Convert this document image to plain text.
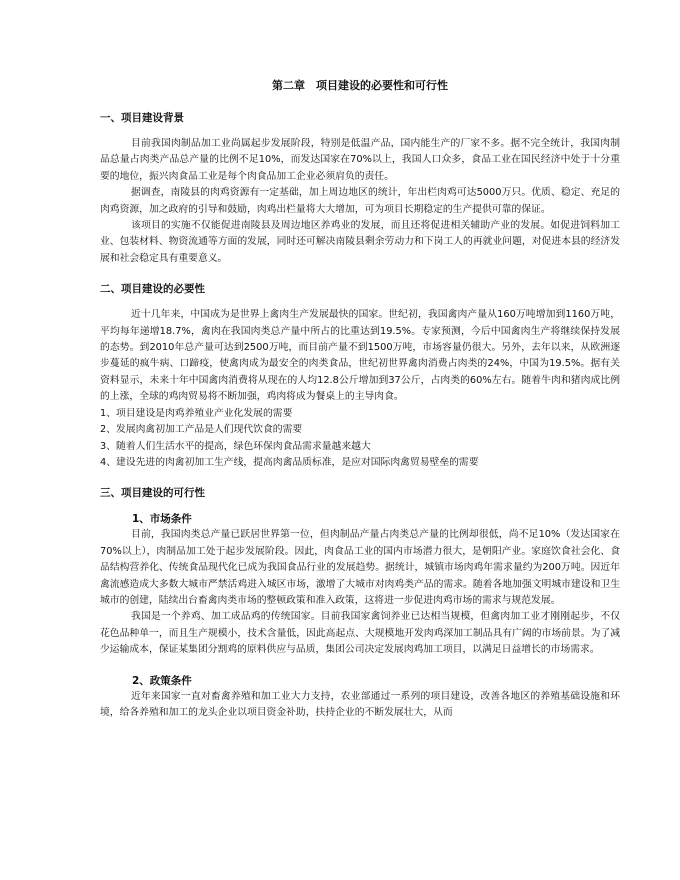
第二章　项目建设的必要性和可行性
一、项目建设背景

目前我国肉制品加工业尚属起步发展阶段，特别是低温产品，国内能生产的厂家不多。据不完全统计，我国肉制品总量占肉类产品总产量的比例不足10%，而发达国家在70%以上，我国人口众多，食品工业在国民经济中处于十分重要的地位，振兴肉食品工业是每个肉食品加工企业必须肩负的责任。

据调查，南陵县的肉鸡资源有一定基础，加上周边地区的统计，年出栏肉鸡可达5000万只。优质、稳定、充足的肉鸡资源，加之政府的引导和鼓励，肉鸡出栏量将大大增加，可为项目长期稳定的生产提供可靠的保证。

该项目的实施不仅能促进南陵县及周边地区养鸡业的发展，而且还将促进相关辅助产业的发展。如促进饲料加工业、包装材料、物资流通等方面的发展，同时还可解决南陵县剩余劳动力和下岗工人的再就业问题，对促进本县的经济发展和社会稳定具有重要意义。

二、项目建设的必要性

近十几年来，中国成为是世界上禽肉生产发展最快的国家。世纪初，我国禽肉产量从160万吨增加到1160万吨，平均每年递增18.7%，禽肉在我国肉类总产量中所占的比重达到19.5%。专家预测，今后中国禽肉生产将继续保持发展的态势。到2010年总产量可达到2500万吨，而目前产量不到1500万吨，市场容量仍很大。另外，去年以来，从欧洲逐步蔓延的疯牛病、口蹄疫，使禽肉成为最安全的肉类食品，世纪初世界禽肉消费占肉类的24%，中国为19.5%。据有关资料显示，未来十年中国禽肉消费将从现在的人均12.8公斤增加到37公斤，占肉类的60%左右。随着牛肉和猪肉成比例的上涨，全球的鸡肉贸易将不断加强，鸡肉将成为餐桌上的主导肉食。

1、项目建设是肉鸡养殖业产业化发展的需要
2、发展肉禽初加工产品是人们现代饮食的需要
3、随着人们生活水平的提高，绿色环保肉食品需求量越来越大
4、建设先进的肉禽初加工生产线，提高肉禽品质标准，是应对国际肉禽贸易壁垒的需要
三、项目建设的可行性
1、市场条件

目前，我国肉类总产量已跃居世界第一位，但肉制品产量占肉类总产量的比例却很低，尚不足10%（发达国家在70%以上），肉制品加工处于起步发展阶段。因此，肉食品工业的国内市场潜力很大，是朝阳产业。家庭饮食社会化、食品结构营养化、传统食品现代化已成为我国食品行业的发展趋势。据统计，城镇市场肉鸡年需求量约为200万吨。因近年禽流感造成大多数大城市严禁活鸡进入城区市场，激增了大城市对肉鸡类产品的需求。随着各地加强文明城市建设和卫生城市的创建，陆续出台畜禽肉类市场的整顿政策和准入政策，这将进一步促进肉鸡市场的需求与规范发展。

我国是一个养鸡、加工成品鸡的传统国家。目前我国家禽饲养业已达相当规模，但禽肉加工业才刚刚起步，不仅花色品种单一，而且生产规模小，技术含量低，因此高起点、大规模地开发肉鸡深加工制品具有广阔的市场前景。为了减少运输成本，保证某集团分割鸡的原料供应与品质，集团公司决定发展肉鸡加工项目，以满足日益增长的市场需求。

2、政策条件

近年来国家一直对畜禽养殖和加工业大力支持，农业部通过一系列的项目建设，改善各地区的养殖基础设施和环境，给各养殖和加工的龙头企业以项目资金补助，扶持企业的不断发展壮大，从而
